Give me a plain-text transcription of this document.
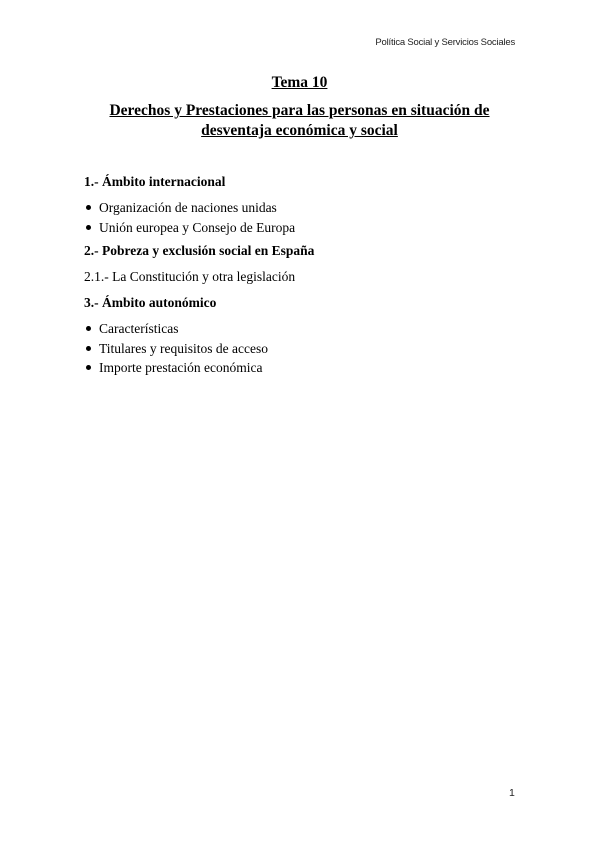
Política Social y Servicios Sociales
Tema 10
Derechos y Prestaciones para las personas en situación de desventaja económica y social
1.- Ámbito internacional
Organización de naciones unidas
Unión europea y Consejo de Europa
2.- Pobreza y exclusión social en España
2.1.- La Constitución y otra legislación
3.- Ámbito autonómico
Características
Titulares y requisitos de acceso
Importe prestación económica
1
